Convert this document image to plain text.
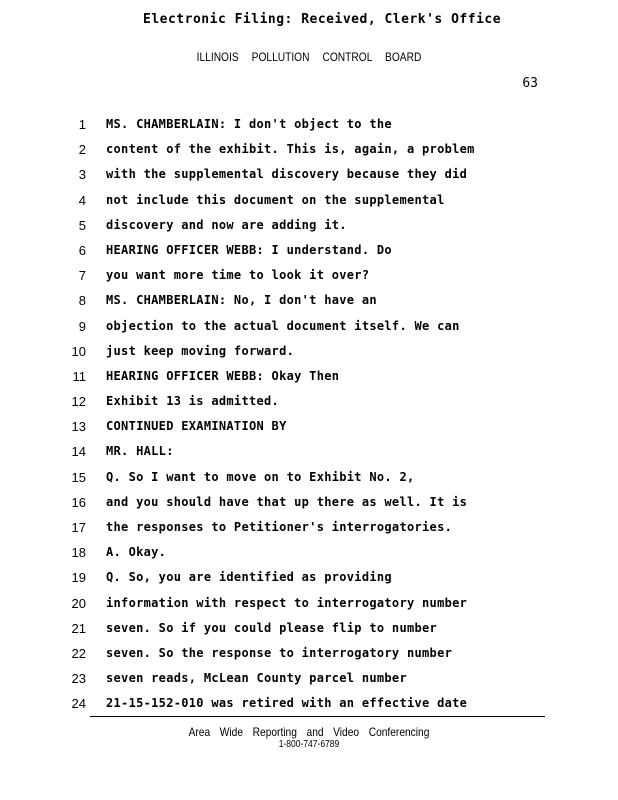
Electronic Filing: Received, Clerk's Office
ILLINOIS POLLUTION CONTROL BOARD
63
1 MS. CHAMBERLAIN: I don't object to the
2 content of the exhibit. This is, again, a problem
3 with the supplemental discovery because they did
4 not include this document on the supplemental
5 discovery and now are adding it.
6 HEARING OFFICER WEBB: I understand. Do
7 you want more time to look it over?
8 MS. CHAMBERLAIN: No, I don't have an
9 objection to the actual document itself. We can
10 just keep moving forward.
11 HEARING OFFICER WEBB: Okay Then
12 Exhibit 13 is admitted.
13 CONTINUED EXAMINATION BY
14 MR. HALL:
15 Q. So I want to move on to Exhibit No. 2,
16 and you should have that up there as well. It is
17 the responses to Petitioner's interrogatories.
18 A. Okay.
19 Q. So, you are identified as providing
20 information with respect to interrogatory number
21 seven. So if you could please flip to number
22 seven. So the response to interrogatory number
23 seven reads, McLean County parcel number
24 21-15-152-010 was retired with an effective date
Area Wide Reporting and Video Conferencing
1-800-747-6789
